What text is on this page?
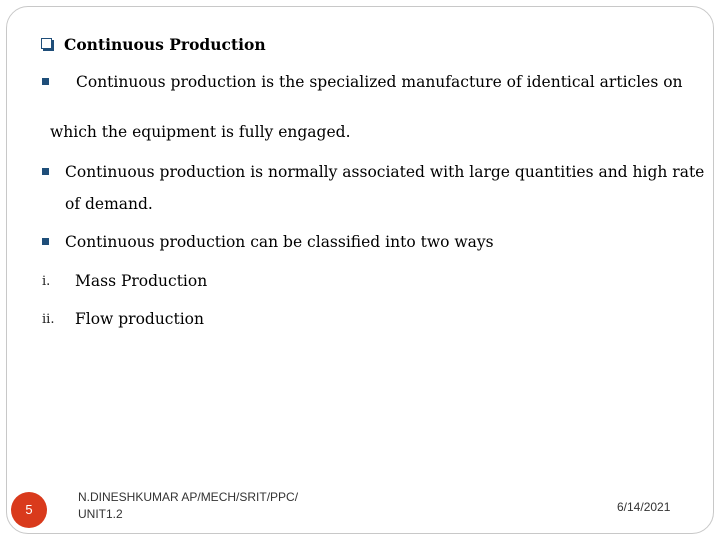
Continuous Production
Continuous production is the specialized manufacture of identical articles on
which the equipment is fully engaged.
Continuous production is normally associated with large quantities and high rate
of demand.
Continuous production can be classified into two ways
i. Mass Production
ii. Flow production
5
N.DINESHKUMAR AP/MECH/SRIT/PPC/
UNIT1.2	6/14/2021
